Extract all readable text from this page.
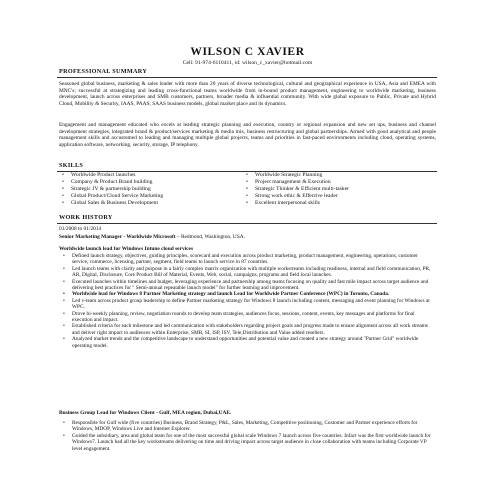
WILSON C XAVIER
Cell: 91-974-6110411, id: wilson_c_xavier@hotmail.com
PROFESSIONAL SUMMARY
Seasoned global business, marketing & sales leader with more than 20 years of diverse technological, cultural and geographical experience in USA, Asia and EMEA with MNC's; successful at strategizing and leading cross-functional teams worldwide from in-bound product management, engineering to worldwide marketing, business development, launch across enterprises and SMB customers, partners, broader media & influential community. With wide global exposure to Public, Private and Hybrid Cloud, Mobility & Security, IAAS, PAAS, SAAS business models, global market place and its dynamics.
Engagement and management educated who excels at leading strategic planning and execution, country or regional expansion and new set ups, business and channel development strategies, integrated brand & product/services marketing & media mix, business restructuring and global partnerships. Armed with good analytical and people management skills and accustomed to leading and managing multiple global projects, teams and priorities in fast-paced environments including cloud, operating systems, application software, networking, security, storage, IP telephony.
SKILLS
• Worldwide Product launches
• Company & Product Brand building
• Strategic JV & partnership building
• Global Product/Cloud Service Marketing
• Global Sales & Business Development
• Worldwide Strategic Planning
• Project management & Execution
• Strategic Thinker & Efficient multi-tasker
• Strong work ethic & Effective leader
• Excellent interpersonal skills
WORK HISTORY
01/2008 to 01/2014
Senior Marketing Manager - Worldwide Microsoft – Redmond, Washington, USA.
Worldwide launch lead for Windows Intune cloud services
• Defined launch strategy, objectives, guiding principles, scorecard and execution across product marketing, product management, engineering, operations, customer service, commerce, licensing, partner, segment, field teams to launch service in 87 countries.
• Led launch teams with clarity and purpose in a fairly complex matrix organization with multiple workstreams including readiness, internal and field communication, PR, AR, Digital, Disclosure, Core Product Bill of Material, Events, Web, social, campaigns, programs and field local launches.
• Executed launches within timelines and budget, leveraging experience and partnership among teams focusing on quality and fast mile impact across target audience and delivering best practices for " Semi-annual repeatable launch model" for further learning and improvement.
• Worldwide lead for Windows 8 Partner Marketing strategy and launch Lead for Worldwide Partner Conference (WPC) in Toronto, Canada.
• Led v-team across product group leadership to define Partner marketing strategy for Windows 8 launch including content, messaging and event planning for Windows at WPC.
• Drove bi-weekly planning, review, negotiation rounds to develop team strategies, audiences focus, sessions, content, events, key messages and platforms for final execution and impact.
• Established criteria for each milestone and led communication with stakeholders regarding project goals and progress made to ensure alignment across all work streams and deliver right impact to audiences within Enterprise, SMB, SI, ISP, ISV, Tele,Distribution and Value added resellers.
• Analyzed market trends and the competitive landscape to understand opportunities and potential value and created a new strategy around "Partner Grid" worldwide operating model.
Business Group Lead for Windows Client - Gulf, MEA region, Dubai,UAE.
• Responsible for Gulf wide (five countries) Business, Brand Strategy, P&L, Sales, Marketing, Competitive positioning, Customer and Partner experience efforts for Windows, MDOP, Windows Live and Internet Explorer.
• Guided the subsidiary, area and global team for one of the most successful global scale Windows 7 launch across five countries. Infact was the first worldwide launch for Windows7. Launch had all the key workstreams delivering on time and driving impact across target audience in close collaboration with teams including Corporate VP level engagement.
